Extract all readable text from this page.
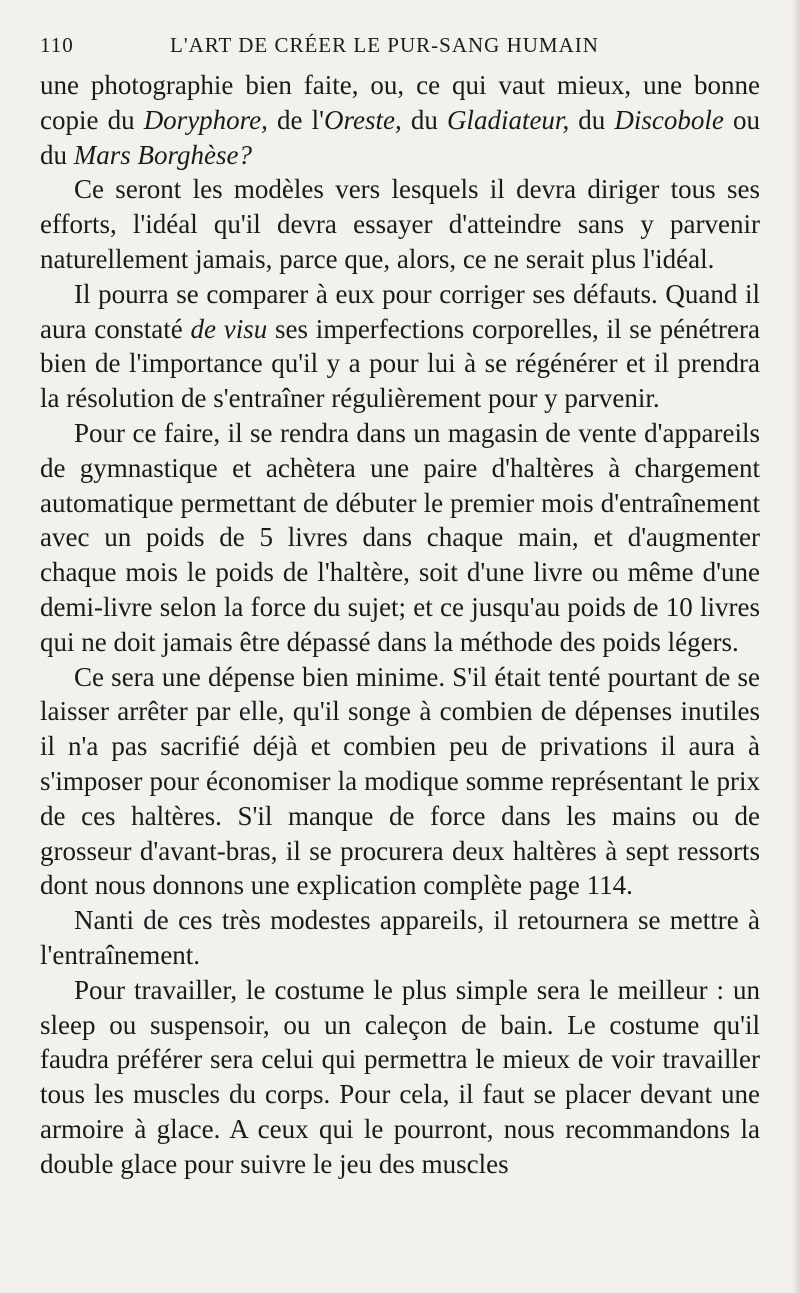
110	L'ART DE CRÉER LE PUR-SANG HUMAIN

une photographie bien faite, ou, ce qui vaut mieux, une bonne copie du Doryphore, de l'Oreste, du Gladiateur, du Discobole ou du Mars Borghèse?

Ce seront les modèles vers lesquels il devra diriger tous ses efforts, l'idéal qu'il devra essayer d'atteindre sans y parvenir naturellement jamais, parce que, alors, ce ne serait plus l'idéal.

Il pourra se comparer à eux pour corriger ses défauts. Quand il aura constaté de visu ses imperfections corporelles, il se pénétrera bien de l'importance qu'il y a pour lui à se régénérer et il prendra la résolution de s'entraîner régulièrement pour y parvenir.

Pour ce faire, il se rendra dans un magasin de vente d'appareils de gymnastique et achètera une paire d'haltères à chargement automatique permettant de débuter le premier mois d'entraînement avec un poids de 5 livres dans chaque main, et d'augmenter chaque mois le poids de l'haltère, soit d'une livre ou même d'une demi-livre selon la force du sujet; et ce jusqu'au poids de 10 livres qui ne doit jamais être dépassé dans la méthode des poids légers.

Ce sera une dépense bien minime. S'il était tenté pourtant de se laisser arrêter par elle, qu'il songe à combien de dépenses inutiles il n'a pas sacrifié déjà et combien peu de privations il aura à s'imposer pour économiser la modique somme représentant le prix de ces haltères. S'il manque de force dans les mains ou de grosseur d'avant-bras, il se procurera deux haltères à sept ressorts dont nous donnons une explication complète page 114.

Nanti de ces très modestes appareils, il retournera se mettre à l'entraînement.

Pour travailler, le costume le plus simple sera le meilleur : un sleep ou suspensoir, ou un caleçon de bain. Le costume qu'il faudra préférer sera celui qui permettra le mieux de voir travailler tous les muscles du corps. Pour cela, il faut se placer devant une armoire à glace. A ceux qui le pourront, nous recommandons la double glace pour suivre le jeu des muscles
